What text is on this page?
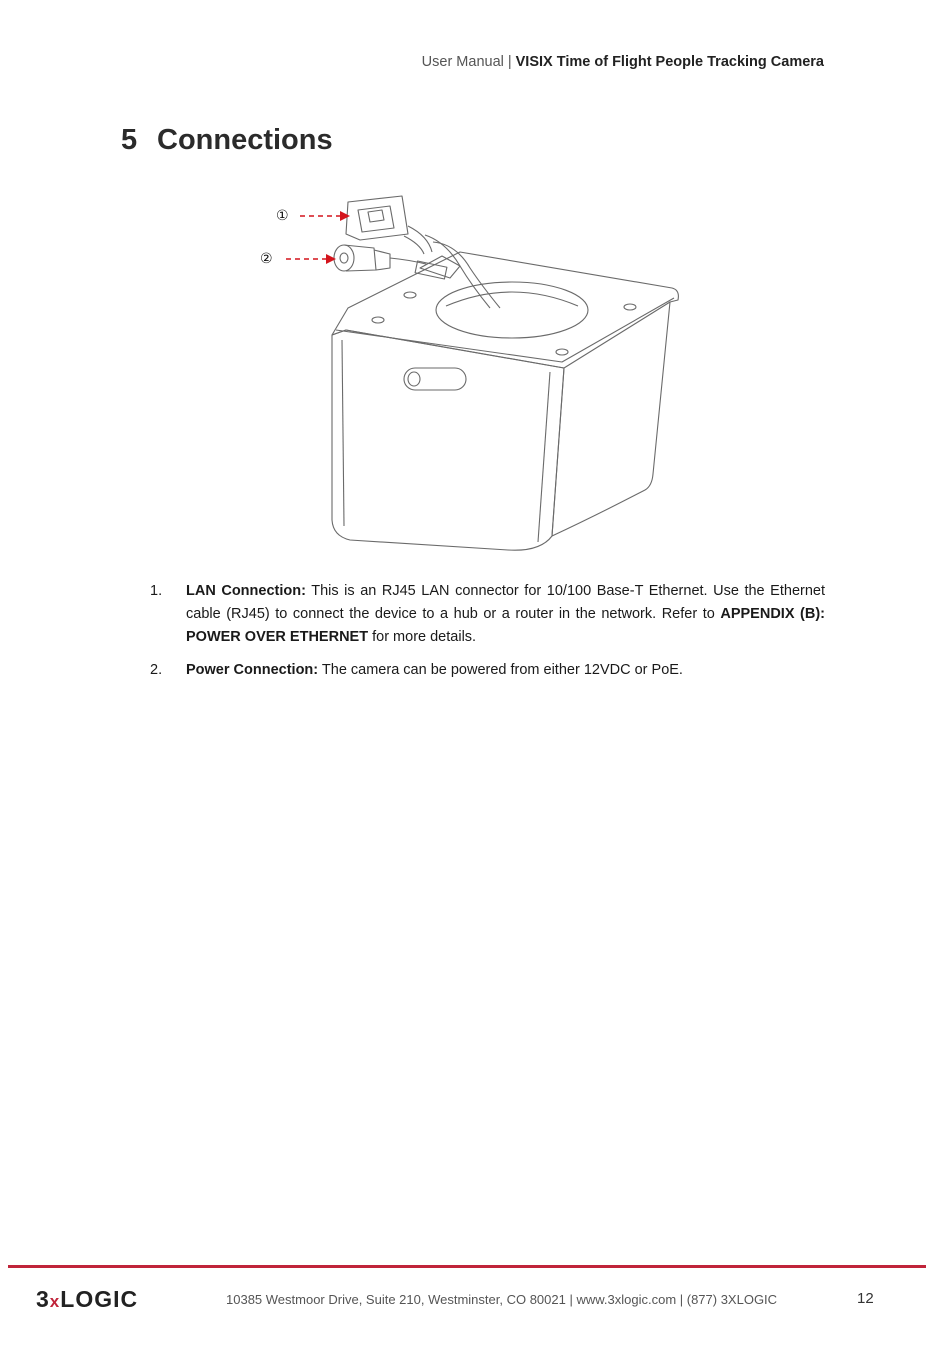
User Manual | VISIX Time of Flight People Tracking Camera
5 Connections
①
②
1.	LAN Connection: This is an RJ45 LAN connector for 10/100 Base-T Ethernet. Use the Ethernet cable (RJ45) to connect the device to a hub or a router in the network. Refer to APPENDIX (B): POWER OVER ETHERNET for more details.
2.	Power Connection: The camera can be powered from either 12VDC or PoE.
3xLOGIC	10385 Westmoor Drive, Suite 210, Westminster, CO 80021 | www.3xlogic.com | (877) 3XLOGIC	12
